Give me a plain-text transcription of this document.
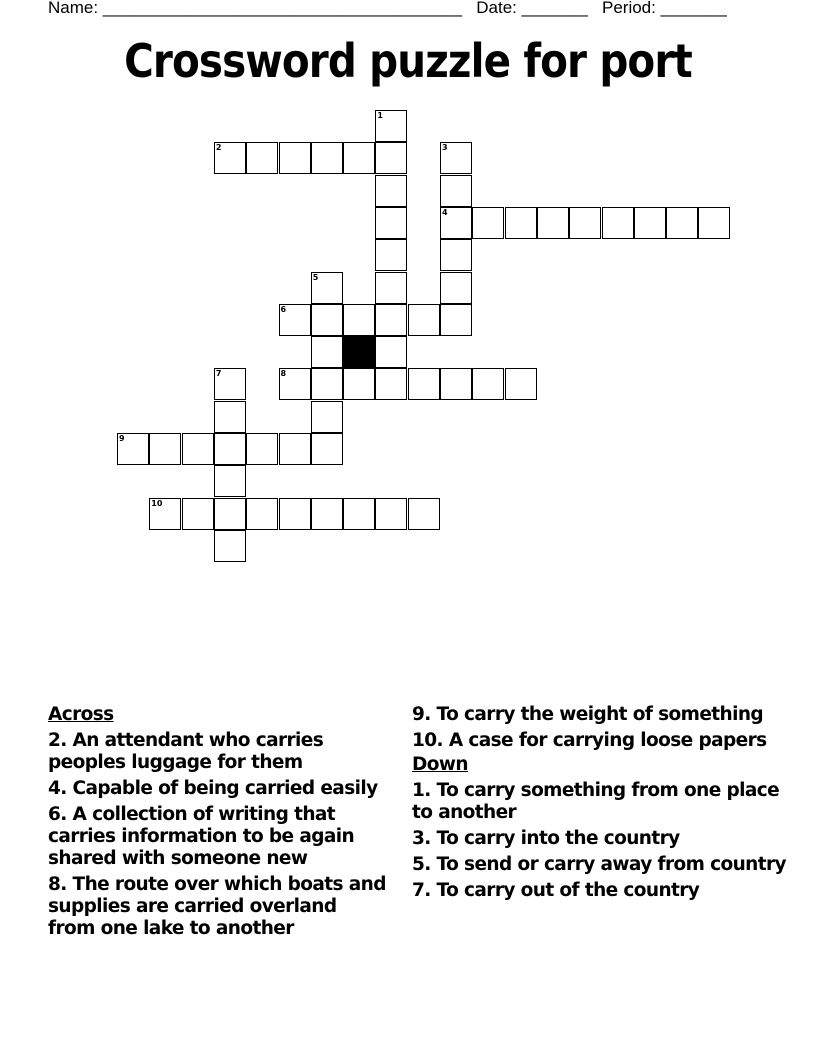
Name: ______________________________________ Date: _______ Period: _______
Crossword puzzle for port
1
2	3
4
5
6
7	8
9
10
Across
2. An attendant who carries peoples luggage for them
4. Capable of being carried easily
6. A collection of writing that carries information to be again shared with someone new
8. The route over which boats and supplies are carried overland from one lake to another
9. To carry the weight of something
10. A case for carrying loose papers
Down
1. To carry something from one place to another
3. To carry into the country
5. To send or carry away from country
7. To carry out of the country
